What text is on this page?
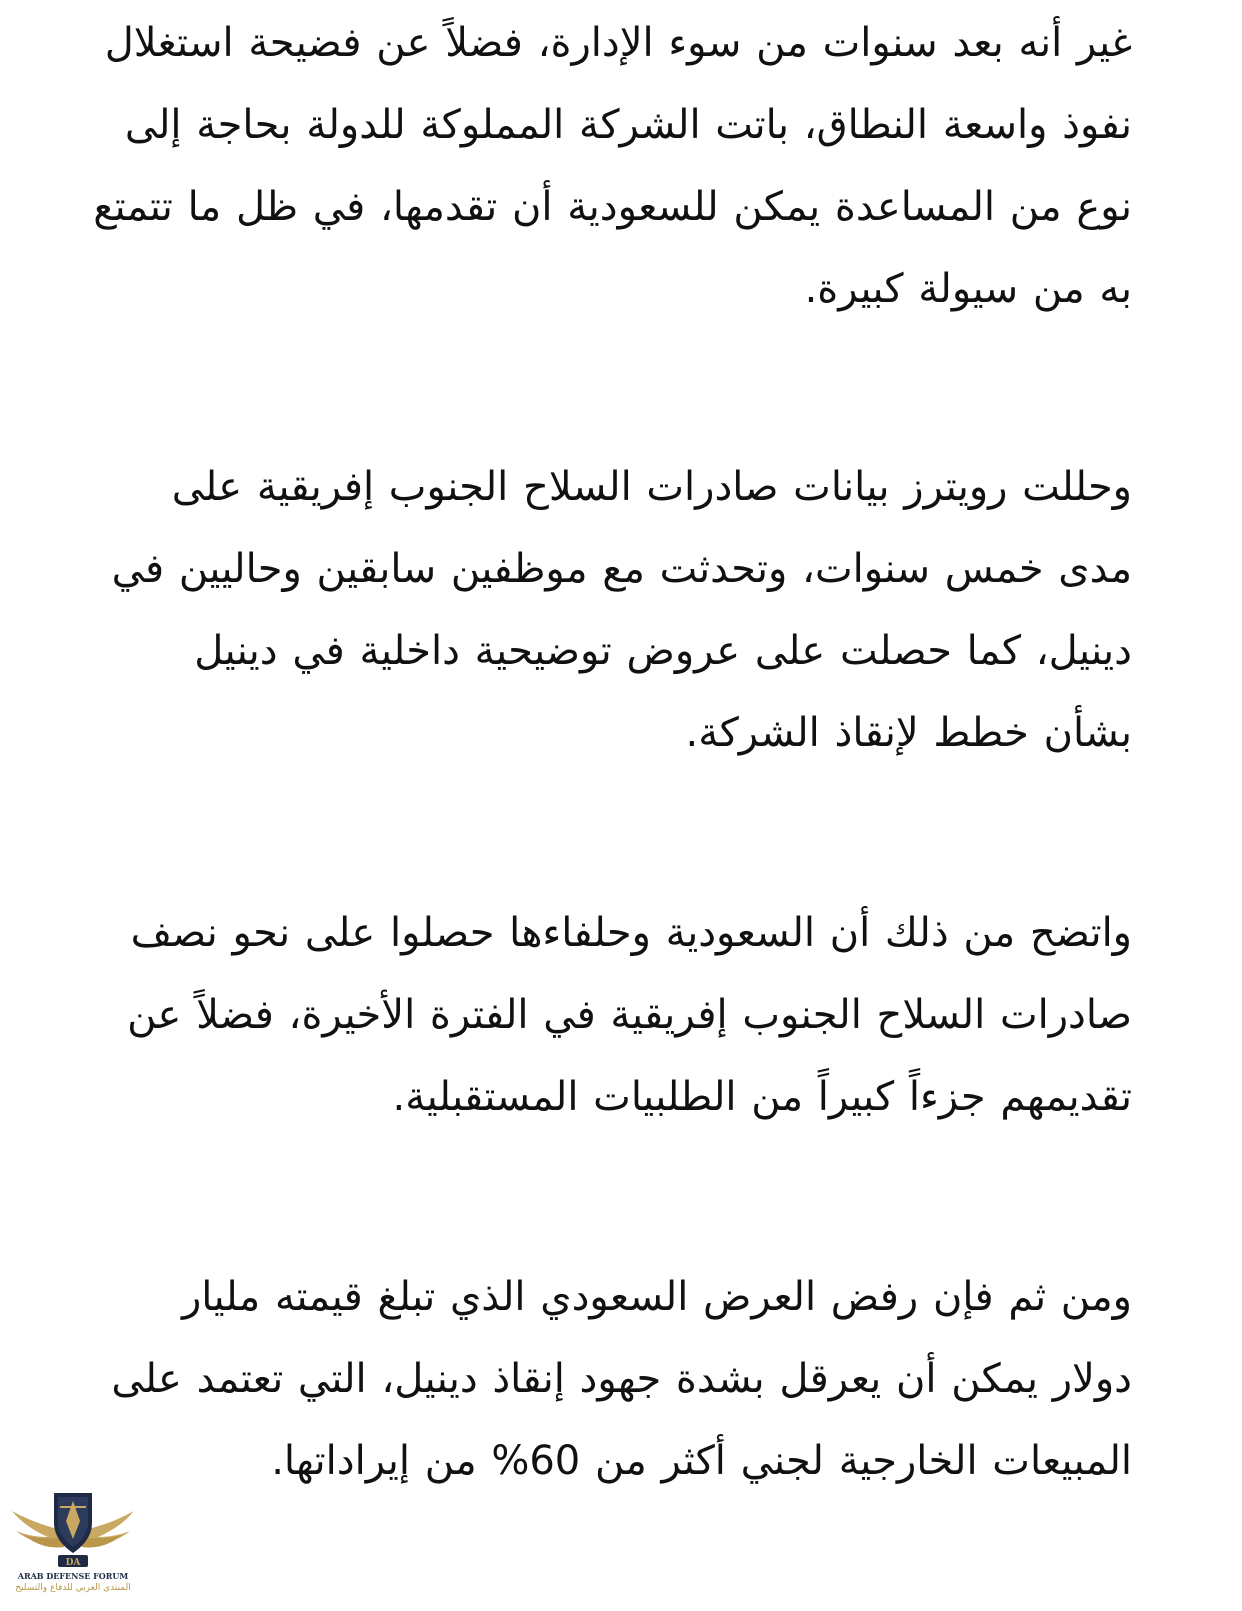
غير أنه بعد سنوات من سوء الإدارة، فضلاً عن فضيحة استغلال نفوذ واسعة النطاق، باتت الشركة المملوكة للدولة بحاجة إلى نوع من المساعدة يمكن للسعودية أن تقدمها، في ظل ما تتمتع به من سيولة كبيرة.

وحللت رويترز بيانات صادرات السلاح الجنوب إفريقية على مدى خمس سنوات، وتحدثت مع موظفين سابقين وحاليين في دينيل، كما حصلت على عروض توضيحية داخلية في دينيل بشأن خطط لإنقاذ الشركة.

واتضح من ذلك أن السعودية وحلفاءها حصلوا على نحو نصف صادرات السلاح الجنوب إفريقية في الفترة الأخيرة، فضلاً عن تقديمهم جزءاً كبيراً من الطلبيات المستقبلية.

ومن ثم فإن رفض العرض السعودي الذي تبلغ قيمته مليار دولار يمكن أن يعرقل بشدة جهود إنقاذ دينيل، التي تعتمد على المبيعات الخارجية لجني أكثر من 60% من إيراداتها.

DA
ARAB DEFENSE FORUM
المنتدى العربي للدفاع والتسليح
